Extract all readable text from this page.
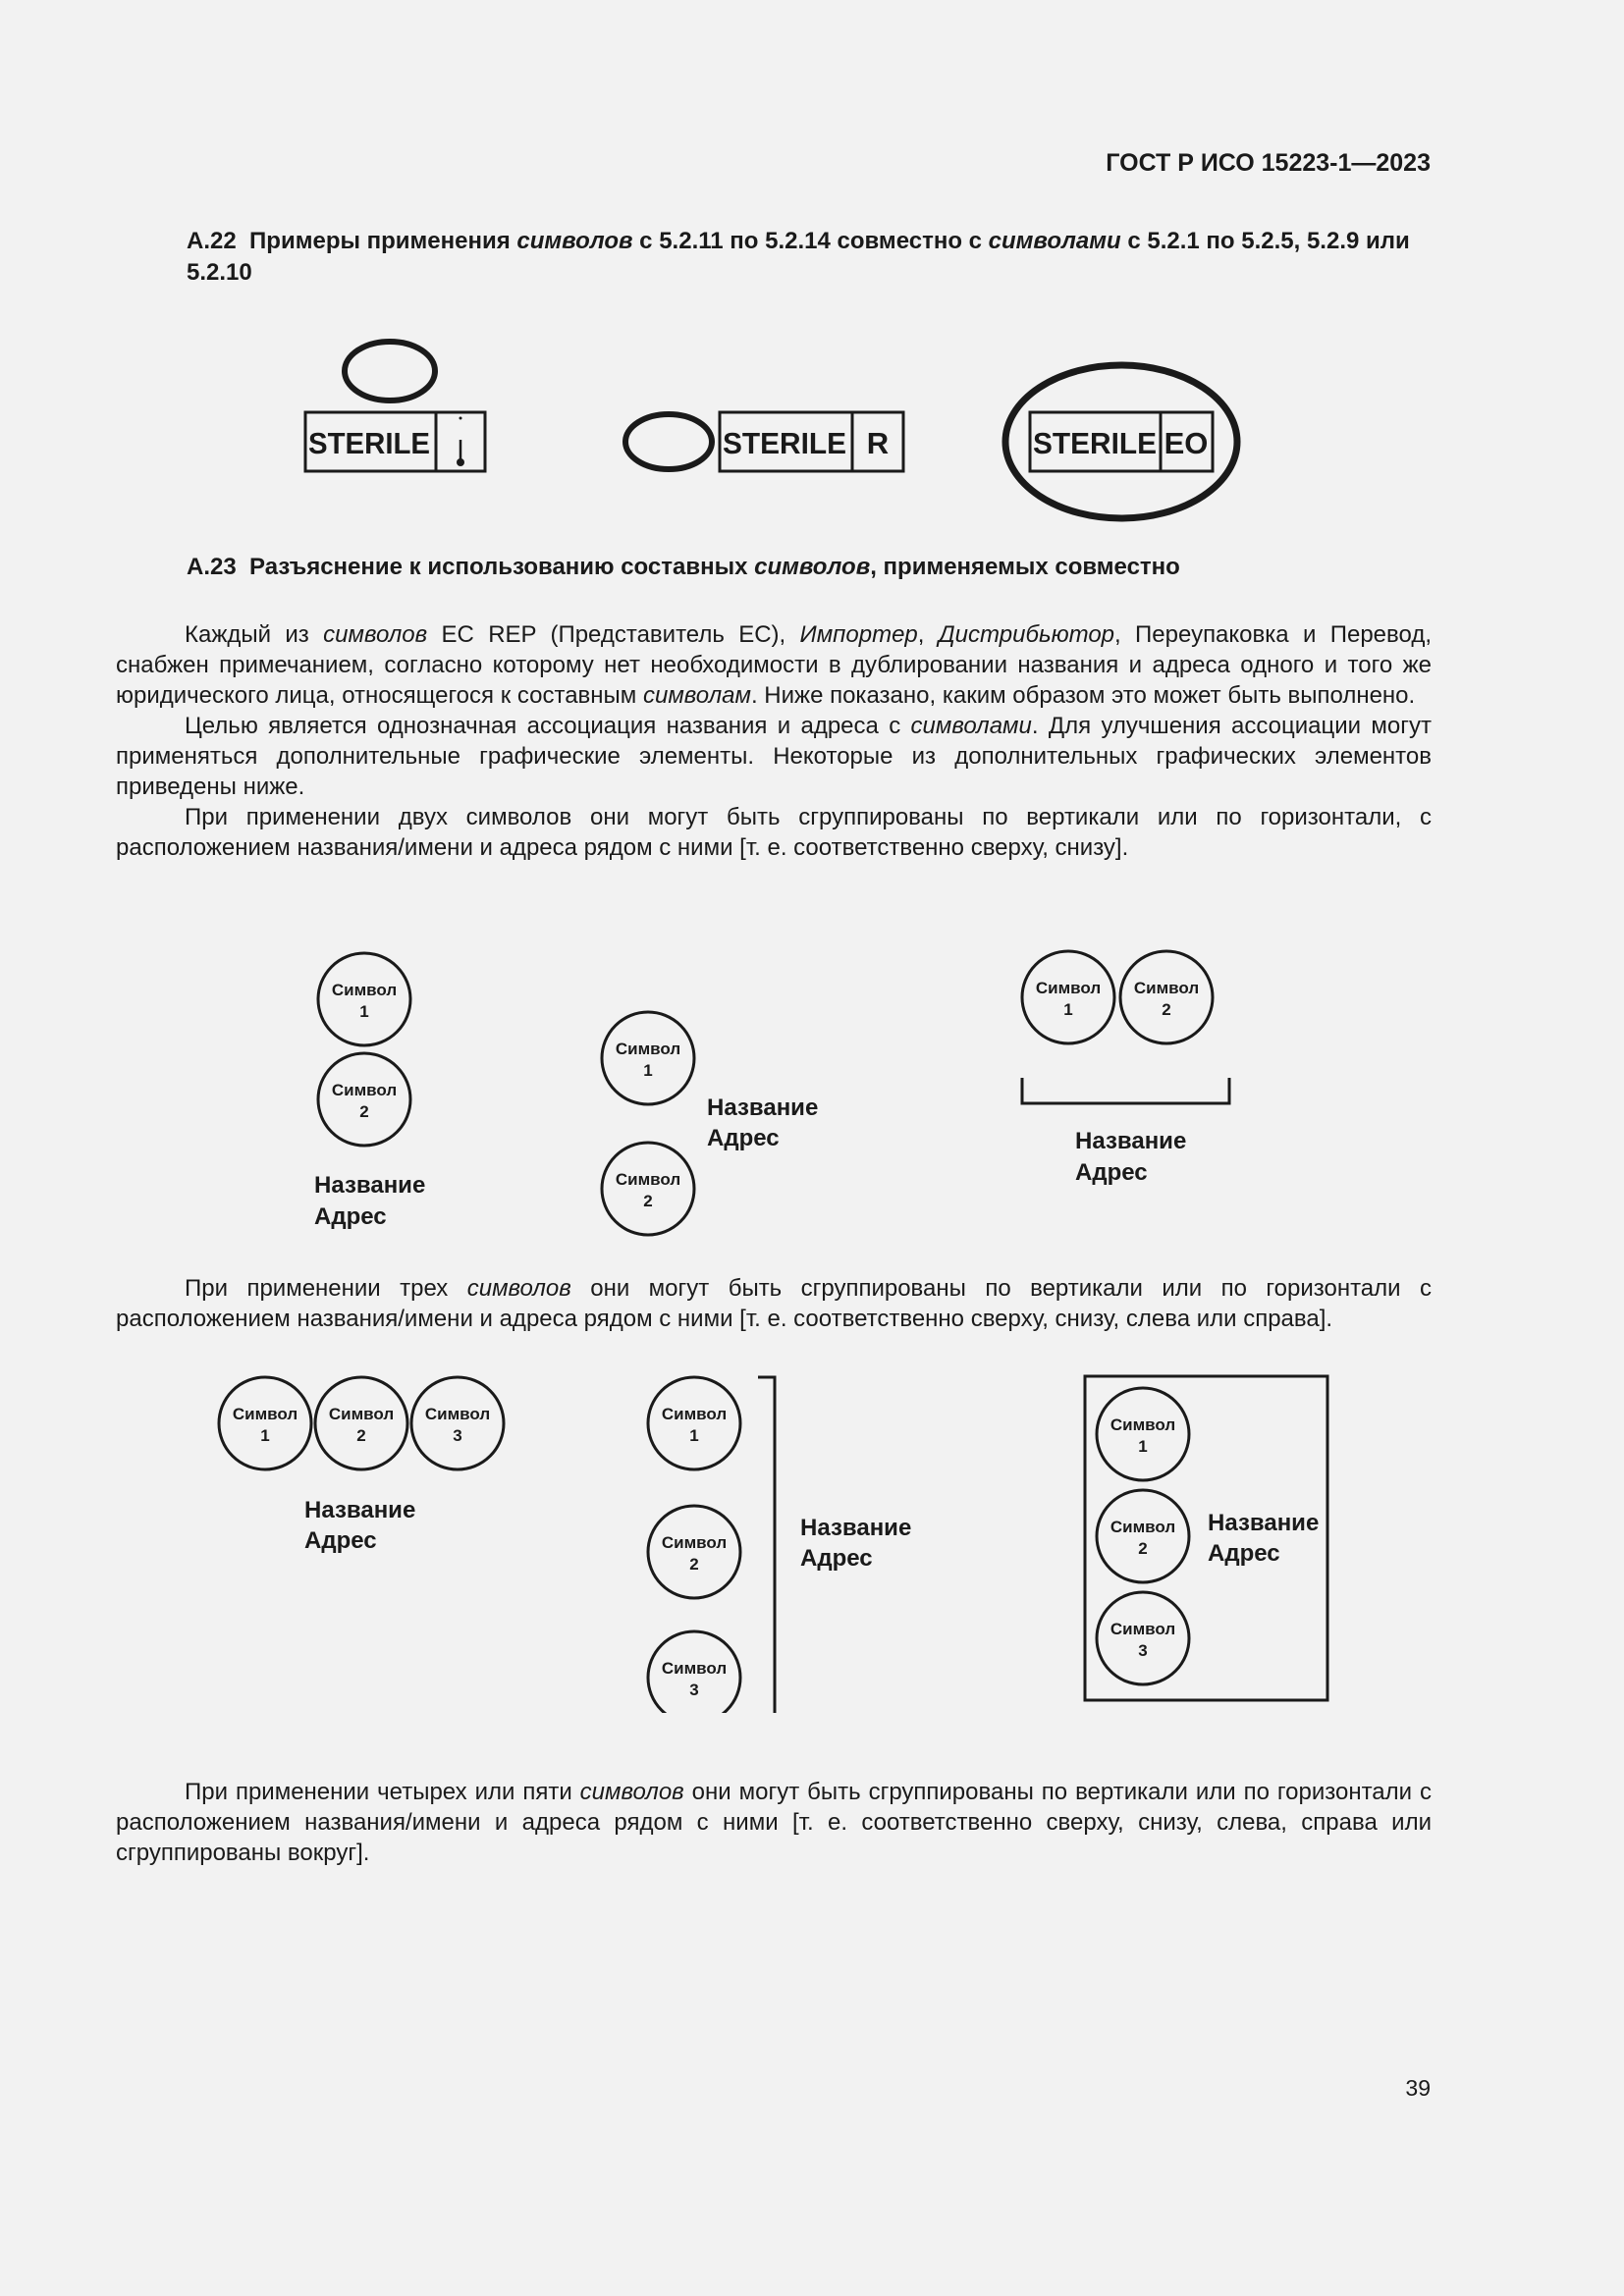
ГОСТ Р ИСО 15223-1—2023
A.22 Примеры применения символов с 5.2.11 по 5.2.14 совместно с символами с 5.2.1 по 5.2.5, 5.2.9 или 5.2.10
STERILE	STERILE R	STERILE EO
A.23 Разъяснение к использованию составных символов, применяемых совместно

Каждый из символов EC REP (Представитель ЕС), Импортер, Дистрибьютор, Переупаковка и Перевод, снабжен примечанием, согласно которому нет необходимости в дублировании названия и адреса одного и того же юридического лица, относящегося к составным символам. Ниже показано, каким образом это может быть выполнено.

Целью является однозначная ассоциация названия и адреса с символами. Для улучшения ассоциации могут применяться дополнительные графические элементы. Некоторые из дополнительных графических элементов приведены ниже.

При применении двух символов они могут быть сгруппированы по вертикали или по горизонтали, с расположением названия/имени и адреса рядом с ними [т. е. соответственно сверху, снизу].

Символ
1
Символ
2
Название
Адрес
Символ
1
Символ
2
Название
Адрес
Символ
1
Символ
2
Название
Адрес

При применении трех символов они могут быть сгруппированы по вертикали или по горизонтали с расположением названия/имени и адреса рядом с ними [т. е. соответственно сверху, снизу, слева или справа].

Символ
1
Символ
2
Символ
3
Название
Адрес
Символ
1
Символ
2
Символ
3
Название
Адрес
Символ
1
Символ
2
Символ
3
Название
Адрес

При применении четырех или пяти символов они могут быть сгруппированы по вертикали или по горизонтали с расположением названия/имени и адреса рядом с ними [т. е. соответственно сверху, снизу, слева, справа или сгруппированы вокруг].

39
